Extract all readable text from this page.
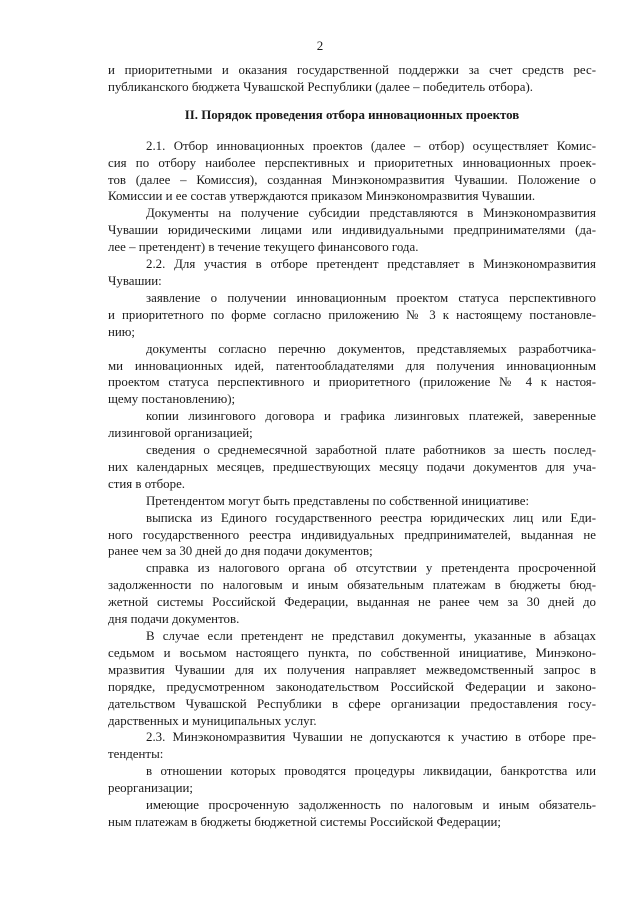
2
и приоритетными и оказания государственной поддержки за счет средств рес-
публиканского бюджета Чувашской Республики (далее – победитель отбора).
II. Порядок проведения отбора инновационных проектов
2.1. Отбор инновационных проектов (далее – отбор) осуществляет Комис-
сия по отбору наиболее перспективных и приоритетных инновационных проек-
тов (далее – Комиссия), созданная Минэкономразвития Чувашии. Положение о
Комиссии и ее состав утверждаются приказом Минэкономразвития Чувашии.
Документы на получение субсидии представляются в Минэкономразвития
Чувашии юридическими лицами или индивидуальными предпринимателями (да-
лее – претендент) в течение текущего финансового года.
2.2. Для участия в отборе претендент представляет в Минэкономразвития
Чувашии:
заявление о получении инновационным проектом статуса перспективного
и приоритетного по форме согласно приложению № 3 к настоящему постановле-
нию;
документы согласно перечню документов, представляемых разработчика-
ми инновационных идей, патентообладателями для получения инновационным
проектом статуса перспективного и приоритетного (приложение № 4 к настоя-
щему постановлению);
копии лизингового договора и графика лизинговых платежей, заверенные
лизинговой организацией;
сведения о среднемесячной заработной плате работников за шесть послед-
них календарных месяцев, предшествующих месяцу подачи документов для уча-
стия в отборе.
Претендентом могут быть представлены по собственной инициативе:
выписка из Единого государственного реестра юридических лиц или Еди-
ного государственного реестра индивидуальных предпринимателей, выданная не
ранее чем за 30 дней до дня подачи документов;
справка из налогового органа об отсутствии у претендента просроченной
задолженности по налоговым и иным обязательным платежам в бюджеты бюд-
жетной системы Российской Федерации, выданная не ранее чем за 30 дней до
дня подачи документов.
В случае если претендент не представил документы, указанные в абзацах
седьмом и восьмом настоящего пункта, по собственной инициативе, Минэконо-
мразвития Чувашии для их получения направляет межведомственный запрос в
порядке, предусмотренном законодательством Российской Федерации и законо-
дательством Чувашской Республики в сфере организации предоставления госу-
дарственных и муниципальных услуг.
2.3. Минэкономразвития Чувашии не допускаются к участию в отборе пре-
тенденты:
в отношении которых проводятся процедуры ликвидации, банкротства или
реорганизации;
имеющие просроченную задолженность по налоговым и иным обязатель-
ным платежам в бюджеты бюджетной системы Российской Федерации;
